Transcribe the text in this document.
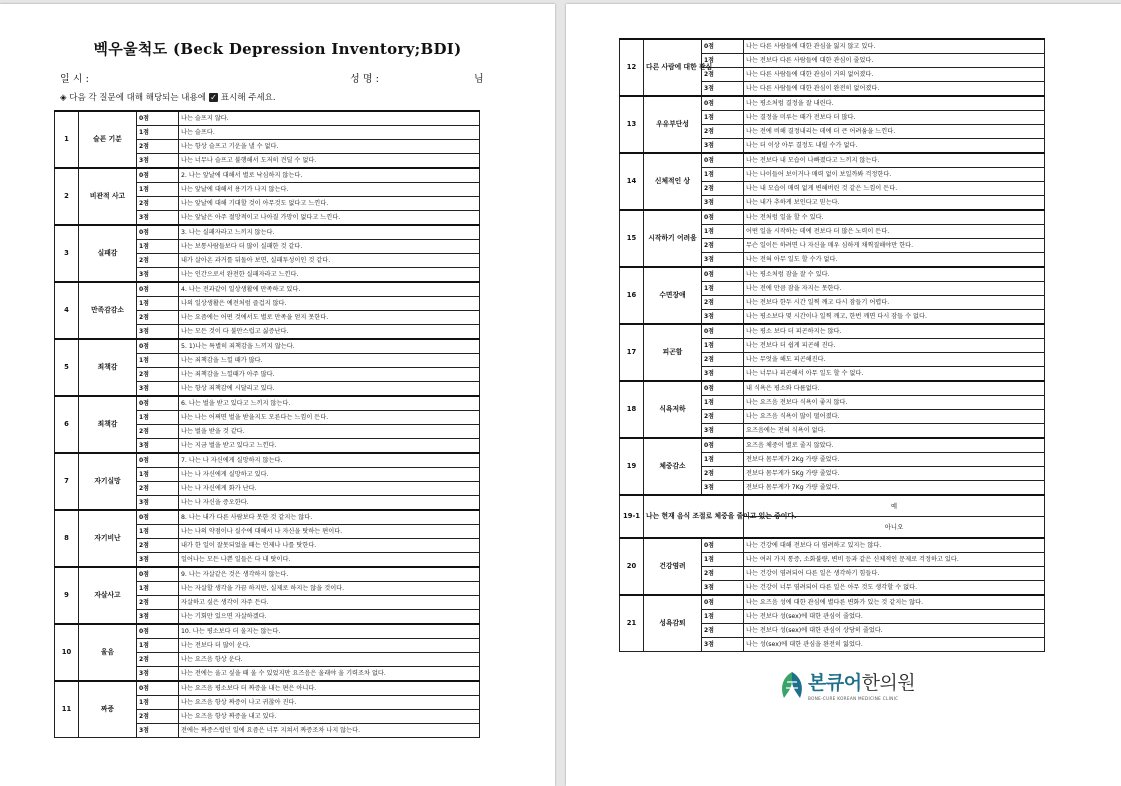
벡우울척도 (Beck Depression Inventory;BDI)
일 시 :	성 명 :	님
◈ 다음 각 질문에 대해 해당되는 내용에 ✓ 표시해 주세요.
1	슬픈 기분	0점	나는 슬프지 않다.
		1점	나는 슬프다.
		2점	나는 항상 슬프고 기운을 낼 수 없다.
		3점	나는 너무나 슬프고 불행해서 도저히 견딜 수 없다.
2	비관적 사고	0점	2. 나는 앞날에 대해서 별로 낙심하지 않는다.
		1점	나는 앞날에 대해서 용기가 나지 않는다.
		2점	나는 앞날에 대해 기대할 것이 아무것도 없다고 느낀다.
		3점	나는 앞날은 아주 절망적이고 나아질 가망이 없다고 느낀다.
3	실패감	0점	3. 나는 실패자라고 느끼지 않는다.
		1점	나는 보통사람들보다 더 많이 실패한 것 같다.
		2점	내가 살아온 과거를 뒤돌아 보면, 실패투성이인 것 같다.
		3점	나는 인간으로서 완전한 실패자라고 느낀다.
4	만족감감소	0점	4. 나는 전과같이 일상생활에 만족하고 있다.
		1점	나의 일상생활은 예전처럼 즐겁지 않다.
		2점	나는 요즘에는 어떤 것에서도 별로 만족을 얻지 못한다.
		3점	나는 모든 것이 다 불만스럽고 싫증난다.
5	죄책감	0점	5. 1)나는 특별히 죄책감을 느끼지 않는다.
		1점	나는 죄책감을 느낄 때가 많다.
		2점	나는 죄책감을 느낄때가 아주 많다.
		3점	나는 항상 죄책감에 시달리고 있다.
6	죄책감	0점	6. 나는 벌을 받고 있다고 느끼지 않는다.
		1점	나는 나는 어쩌면 벌을 받을지도 모른다는 느낌이 든다.
		2점	나는 벌을 받을 것 같다.
		3점	나는 지금 벌을 받고 있다고 느낀다.
7	자기실망	0점	7. 나는 나 자신에게 실망하지 않는다.
		1점	나는 나 자신에게 실망하고 있다.
		2점	나는 나 자신에게 화가 난다.
		3점	나는 나 자신을 증오한다.
8	자기비난	0점	8. 나는 내가 다른 사람보다 못한 것 같지는 않다.
		1점	나는 나의 약점이나 실수에 대해서 나 자신을 탓하는 편이다.
		2점	내가 한 일이 잘못되었을 때는 언제나 나를 탓한다.
		3점	일어나는 모든 나쁜 일들은 다 내 탓이다.
9	자살사고	0점	9. 나는 자살같은 것은 생각하지 않는다.
		1점	나는 자살할 생각을 가끔 하지만, 실제로 하지는 않을 것이다.
		2점	자살하고 싶은 생각이 자주 든다.
		3점	나는 기회만 있으면 자살하겠다.
10	울음	0점	10. 나는 평소보다 더 울지는 않는다.
		1점	나는 전보다 더 많이 운다.
		2점	나는 요즈음 항상 운다.
		3점	나는 전에는 울고 싶을 때 울 수 있었지만 요즈음은 울래야 울 기력조차 없다.
11	짜증	0점	나는 요즈음 평소보다 더 짜증을 내는 편은 아니다.
		1점	나는 요즈음 항상 짜증이 나고 귀찮아 진다.
		2점	나는 요즈음 항상 짜증을 내고 있다.
		3점	전에는 짜증스럽던 일에 요즘은 너무 지쳐서 짜증조차 나지 않는다.
12	다른 사람에 대한 관심	0점	나는 다른 사람들에 대한 관심을 잃지 않고 있다.
		1점	나는 전보다 다른 사람들에 대한 관심이 줄었다.
		2점	나는 다른 사람들에 대한 관심이 거의 없어졌다.
		3점	나는 다른 사람들에 대한 관심이 완전히 없어졌다.
13	우유부단성	0점	나는 평소처럼 결정을 잘 내린다.
		1점	나는 결정을 미루는 때가 전보다 더 많다.
		2점	나는 전에 비해 결정내리는 데에 더 큰 어려움을 느낀다.
		3점	나는 더 이상 아무 결정도 내릴 수가 없다.
14	신체적인 상	0점	나는 전보다 내 모습이 나빠졌다고 느끼지 않는다.
		1점	나는 나이들어 보이거나 매력 없이 보일까봐 걱정한다.
		2점	나는 내 모습이 매력 없게 변해버린 것 같은 느낌이 든다.
		3점	나는 내가 추하게 보인다고 믿는다.
15	시작하기 어려움	0점	나는 전처럼 일을 할 수 있다.
		1점	어떤 일을 시작하는 데에 전보다 더 많은 노력이 든다.
		2점	무슨 일이든 하려면 나 자신을 매우 심하게 채찍질해야만 한다.
		3점	나는 전혀 아무 일도 할 수가 없다.
16	수면장애	0점	나는 평소처럼 잠을 잘 수 있다.
		1점	나는 전에 만큼 잠을 자지는 못한다.
		2점	나는 전보다 한두 시간 일찍 깨고 다시 잠들기 어렵다.
		3점	나는 평소보다 몇 시간이나 일찍 깨고, 한번 깨면 다시 잠들 수 없다.
17	피곤함	0점	나는 평소 보다 더 피곤하지는 않다.
		1점	나는 전보다 더 쉽게 피곤해 진다.
		2점	나는 무엇을 해도 피곤해진다.
		3점	나는 너무나 피곤해서 아무 일도 할 수 없다.
18	식욕저하	0점	내 식욕은 평소와 다름없다.
		1점	나는 요즈음 전보다 식욕이 좋지 않다.
		2점	나는 요즈음 식욕이 많이 떨어졌다.
		3점	요즈음에는 전혀 식욕이 없다.
19	체중감소	0점	요즈음 체중이 별로 줄지 않았다.
		1점	전보다 몸무게가 2Kg 가량 줄었다.
		2점	전보다 몸무게가 5Kg 가량 줄었다.
		3점	전보다 몸무게가 7Kg 가량 줄었다.
19-1	나는 현재 음식 조절로 체중을 줄이고 있는 중이다.		예
			아니오
20	건강염려	0점	나는 건강에 대해 전보다 더 염려하고 있지는 않다.
		1점	나는 여러 가지 통증, 소화불량, 변비 등과 같은 신체적인 문제로 걱정하고 있다.
		2점	나는 건강이 염려되어 다른 일은 생각하기 힘들다.
		3점	나는 건강이 너무 염려되어 다른 일은 아무 것도 생각할 수 없다.
21	성욕감퇴	0점	나는 요즈음 성에 대한 관심에 별다른 변화가 있는 것 같지는 않다.
		1점	나는 전보다 성(sex)에 대한 관심이 줄었다.
		2점	나는 전보다 성(sex)에 대한 관심이 상당히 줄었다.
		3점	나는 성(sex)에 대한 관심을 완전히 잃었다.
본큐어한의원
BONE-CURE KOREAN MEDICINE CLINIC
